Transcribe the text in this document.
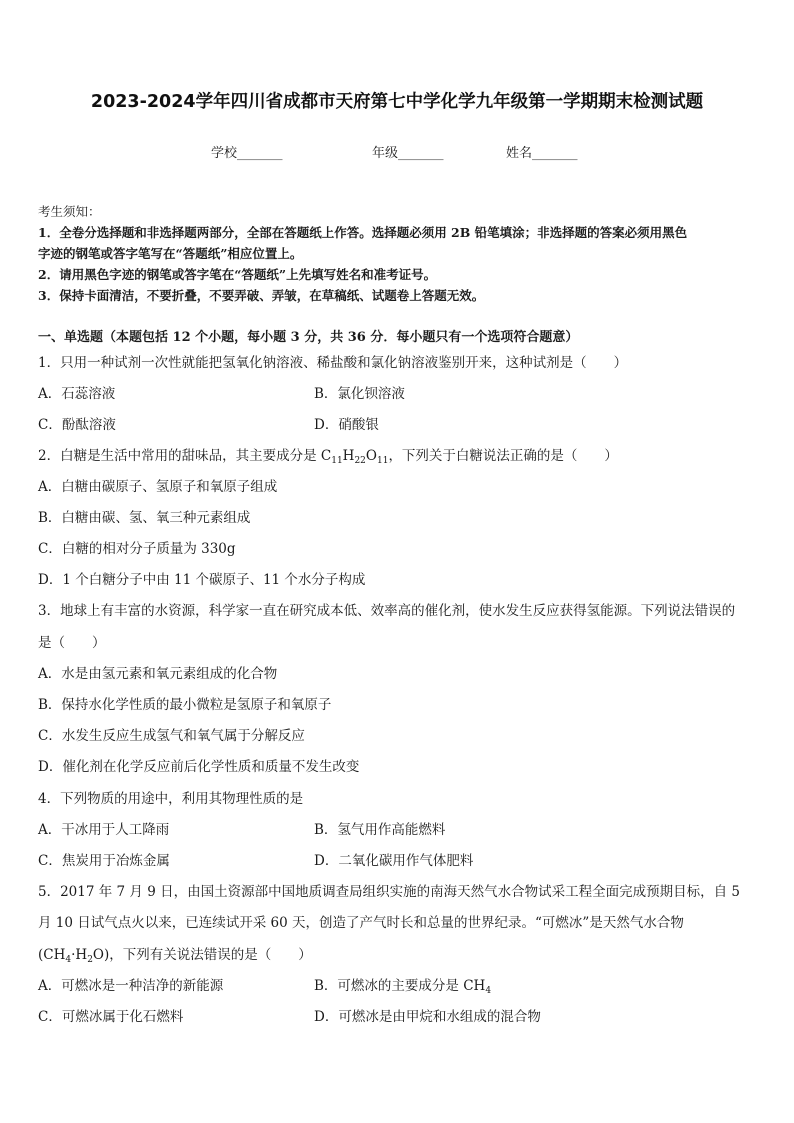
2023-2024学年四川省成都市天府第七中学化学九年级第一学期期末检测试题
学校_______	年级_______	姓名_______
考生须知：
1．全卷分选择题和非选择题两部分，全部在答题纸上作答。选择题必须用 2B 铅笔填涂；非选择题的答案必须用黑色
字迹的钢笔或答字笔写在“答题纸”相应位置上。
2．请用黑色字迹的钢笔或答字笔在“答题纸”上先填写姓名和准考证号。
3．保持卡面清洁，不要折叠，不要弄破、弄皱，在草稿纸、试题卷上答题无效。
一、单选题（本题包括 12 个小题，每小题 3 分，共 36 分．每小题只有一个选项符合题意）
1．只用一种试剂一次性就能把氢氧化钠溶液、稀盐酸和氯化钠溶液鉴别开来，这种试剂是（　　）
A．石蕊溶液	B．氯化钡溶液
C．酚酞溶液	D．硝酸银
2．白糖是生活中常用的甜味品，其主要成分是 $C_{11}H_{22}O_{11}$，下列关于白糖说法正确的是（　　）
A．白糖由碳原子、氢原子和氧原子组成
B．白糖由碳、氢、氧三种元素组成
C．白糖的相对分子质量为 330g
D．1 个白糖分子中由 11 个碳原子、11 个水分子构成
3．地球上有丰富的水资源，科学家一直在研究成本低、效率高的催化剂，使水发生反应获得氢能源。下列说法错误的
是（　　）
A．水是由氢元素和氧元素组成的化合物
B．保持水化学性质的最小微粒是氢原子和氧原子
C．水发生反应生成氢气和氧气属于分解反应
D．催化剂在化学反应前后化学性质和质量不发生改变
4．下列物质的用途中，利用其物理性质的是
A．干冰用于人工降雨	B．氢气用作高能燃料
C．焦炭用于冶炼金属	D．二氧化碳用作气体肥料
5．2017 年 7 月 9 日，由国土资源部中国地质调查局组织实施的南海天然气水合物试采工程全面完成预期目标，自 5
月 10 日试气点火以来，已连续试开采 60 天，创造了产气时长和总量的世界纪录。“可燃冰”是天然气水合物
$(CH_4\cdot H_2O)$，下列有关说法错误的是（　　）
A．可燃冰是一种洁净的新能源	B．可燃冰的主要成分是 $CH_4$
C．可燃冰属于化石燃料	D．可燃冰是由甲烷和水组成的混合物
